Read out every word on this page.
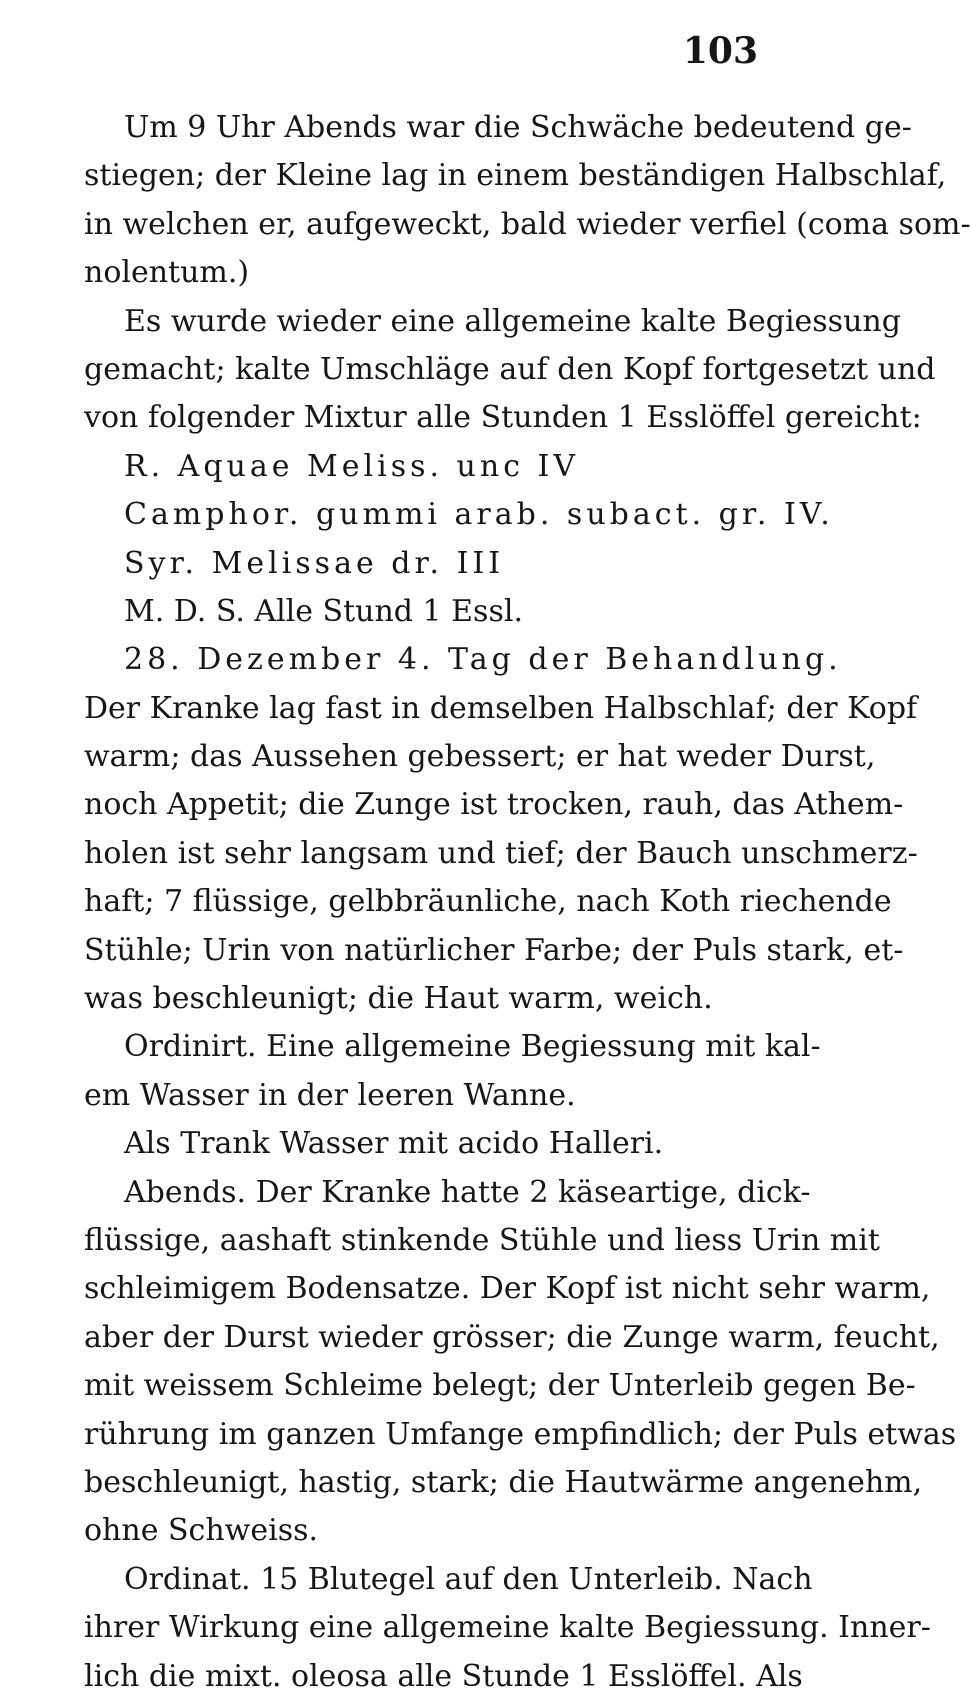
103
Um 9 Uhr Abends war die Schwäche bedeutend ge-
stiegen; der Kleine lag in einem beständigen Halbschlaf,
in welchen er, aufgeweckt, bald wieder verfiel (coma som-
nolentum.)
Es wurde wieder eine allgemeine kalte Begiessung
gemacht; kalte Umschläge auf den Kopf fortgesetzt und
von folgender Mixtur alle Stunden 1 Esslöffel gereicht:
R. Aquae Meliss. unc IV
Camphor. gummi arab. subact. gr. IV.
Syr. Melissae dr. III
M. D. S. Alle Stund 1 Essl.
28. Dezember 4. Tag der Behandlung.
Der Kranke lag fast in demselben Halbschlaf; der Kopf
warm; das Aussehen gebessert; er hat weder Durst,
noch Appetit; die Zunge ist trocken, rauh, das Athem-
holen ist sehr langsam und tief; der Bauch unschmerz-
haft; 7 flüssige, gelbbräunliche, nach Koth riechende
Stühle; Urin von natürlicher Farbe; der Puls stark, et-
was beschleunigt; die Haut warm, weich.
Ordinirt. Eine allgemeine Begiessung mit kal-
em Wasser in der leeren Wanne.
Als Trank Wasser mit acido Halleri.
Abends. Der Kranke hatte 2 käseartige, dick-
flüssige, aashaft stinkende Stühle und liess Urin mit
schleimigem Bodensatze. Der Kopf ist nicht sehr warm,
aber der Durst wieder grösser; die Zunge warm, feucht,
mit weissem Schleime belegt; der Unterleib gegen Be-
rührung im ganzen Umfange empfindlich; der Puls etwas
beschleunigt, hastig, stark; die Hautwärme angenehm,
ohne Schweiss.
Ordinat. 15 Blutegel auf den Unterleib. Nach
ihrer Wirkung eine allgemeine kalte Begiessung. Inner-
lich die mixt. oleosa alle Stunde 1 Esslöffel. Als
